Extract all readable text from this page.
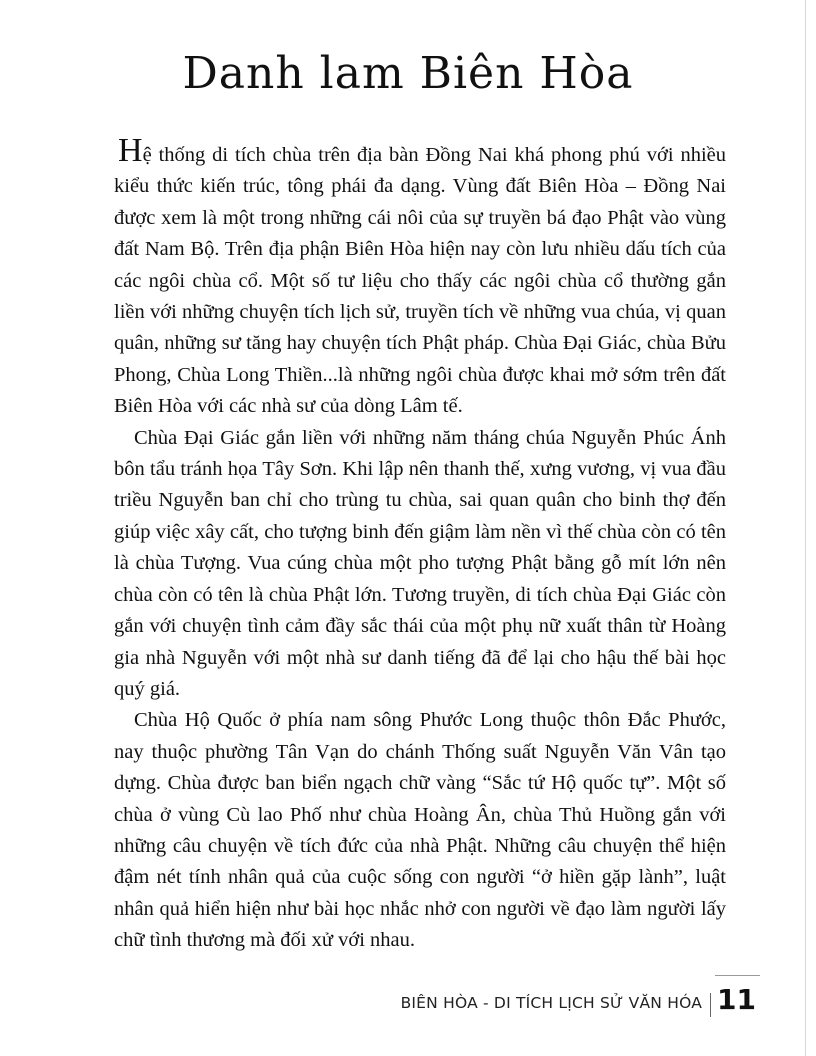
Danh lam Biên Hòa

Hệ thống di tích chùa trên địa bàn Đồng Nai khá phong phú với nhiều kiểu thức kiến trúc, tông phái đa dạng. Vùng đất Biên Hòa – Đồng Nai được xem là một trong những cái nôi của sự truyền bá đạo Phật vào vùng đất Nam Bộ. Trên địa phận Biên Hòa hiện nay còn lưu nhiều dấu tích của các ngôi chùa cổ. Một số tư liệu cho thấy các ngôi chùa cổ thường gắn liền với những chuyện tích lịch sử, truyền tích về những vua chúa, vị quan quân, những sư tăng hay chuyện tích Phật pháp. Chùa Đại Giác, chùa Bửu Phong, Chùa Long Thiền...là những ngôi chùa được khai mở sớm trên đất Biên Hòa với các nhà sư của dòng Lâm tế.

Chùa Đại Giác gắn liền với những năm tháng chúa Nguyễn Phúc Ánh bôn tẩu tránh họa Tây Sơn. Khi lập nên thanh thế, xưng vương, vị vua đầu triều Nguyễn ban chỉ cho trùng tu chùa, sai quan quân cho binh thợ đến giúp việc xây cất, cho tượng binh đến giậm làm nền vì thế chùa còn có tên là chùa Tượng. Vua cúng chùa một pho tượng Phật bằng gỗ mít lớn nên chùa còn có tên là chùa Phật lớn. Tương truyền, di tích chùa Đại Giác còn gắn với chuyện tình cảm đầy sắc thái của một phụ nữ xuất thân từ Hoàng gia nhà Nguyễn với một nhà sư danh tiếng đã để lại cho hậu thế bài học quý giá.

Chùa Hộ Quốc ở phía nam sông Phước Long thuộc thôn Đắc Phước, nay thuộc phường Tân Vạn do chánh Thống suất Nguyễn Văn Vân tạo dựng. Chùa được ban biển ngạch chữ vàng “Sắc tứ Hộ quốc tự”. Một số chùa ở vùng Cù lao Phố như chùa Hoàng Ân, chùa Thủ Huồng gắn với những câu chuyện về tích đức của nhà Phật. Những câu chuyện thể hiện đậm nét tính nhân quả của cuộc sống con người “ở hiền gặp lành”, luật nhân quả hiển hiện như bài học nhắc nhở con người về đạo làm người lấy chữ tình thương mà đối xử với nhau.

BIÊN HÒA - DI TÍCH LỊCH SỬ VĂN HÓA 11
